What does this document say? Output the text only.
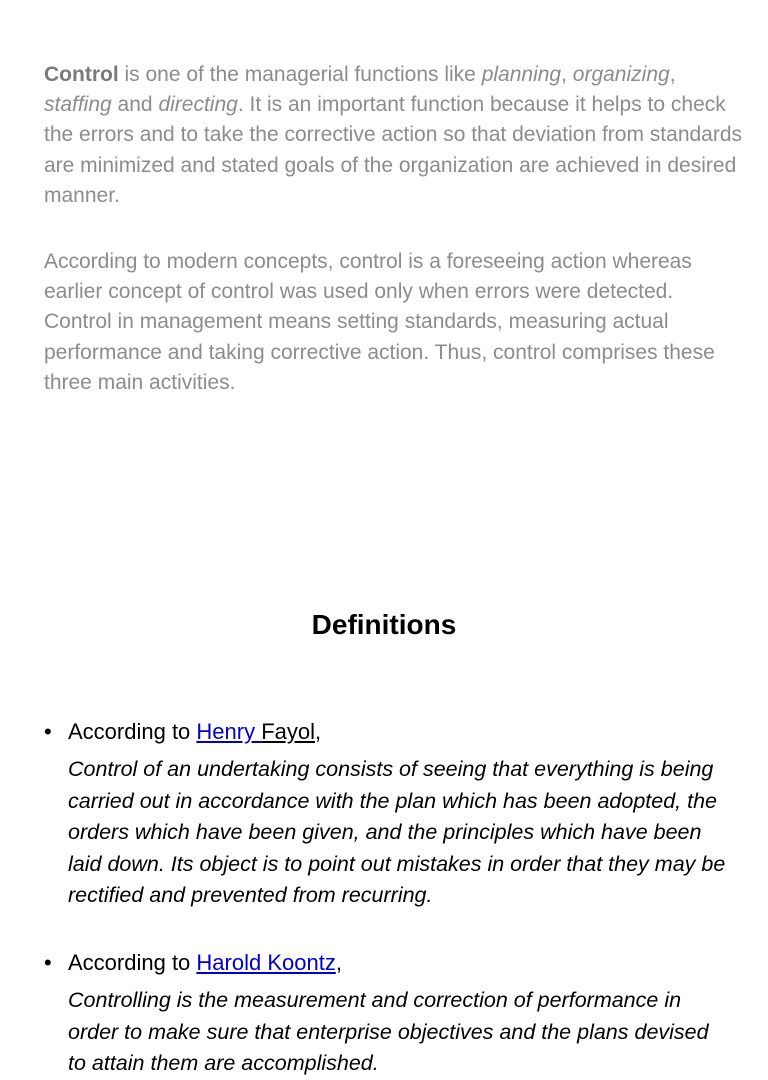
Control is one of the managerial functions like planning, organizing, staffing and directing. It is an important function because it helps to check the errors and to take the corrective action so that deviation from standards are minimized and stated goals of the organization are achieved in desired manner.

According to modern concepts, control is a foreseeing action whereas earlier concept of control was used only when errors were detected. Control in management means setting standards, measuring actual performance and taking corrective action. Thus, control comprises these three main activities.

Definitions
• According to Henry Fayol,

Control of an undertaking consists of seeing that everything is being carried out in accordance with the plan which has been adopted, the orders which have been given, and the principles which have been laid down. Its object is to point out mistakes in order that they may be rectified and prevented from recurring.

• According to Harold Koontz,

Controlling is the measurement and correction of performance in order to make sure that enterprise objectives and the plans devised to attain them are accomplished.
